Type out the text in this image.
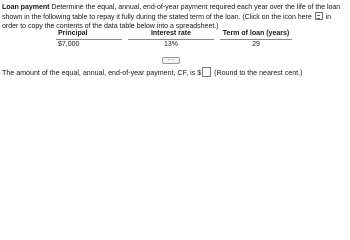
Loan payment Determine the equal, annual, end-of-year payment required each year over the life of the loan shown in the following table to repay it fully during the stated term of the loan. (Click on the icon here in order to copy the contents of the data table below into a spreadsheet.)
Principal
$7,000
Interest rate
13%
Term of loan (years)
29
.....
The amount of the equal, annual, end-of-year payment, CF, is $ (Round to the nearest cent.)
